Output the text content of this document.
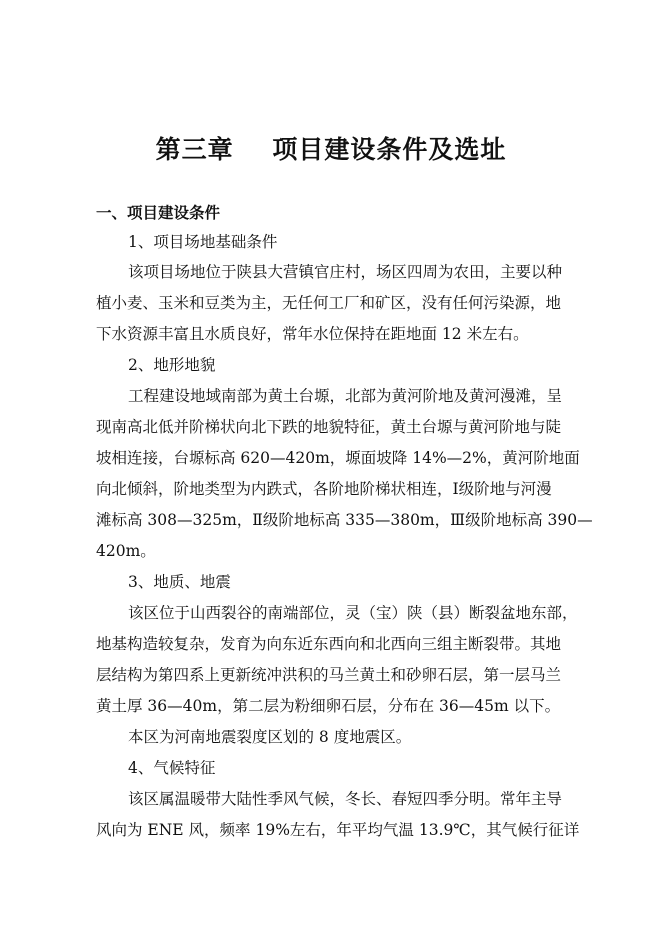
第三章    项目建设条件及选址
一、项目建设条件
1、项目场地基础条件
该项目场地位于陕县大营镇官庄村，场区四周为农田，主要以种
植小麦、玉米和豆类为主，无任何工厂和矿区，没有任何污染源，地
下水资源丰富且水质良好，常年水位保持在距地面 12 米左右。
2、地形地貌
工程建设地域南部为黄土台塬，北部为黄河阶地及黄河漫滩，呈
现南高北低并阶梯状向北下跌的地貌特征，黄土台塬与黄河阶地与陡
坡相连接，台塬标高 620—420m，塬面坡降 14%—2%，黄河阶地面
向北倾斜，阶地类型为内跌式，各阶地阶梯状相连，Ⅰ级阶地与河漫
滩标高 308—325m，Ⅱ级阶地标高 335—380m，Ⅲ级阶地标高 390—
420m。
3、地质、地震
该区位于山西裂谷的南端部位，灵（宝）陕（县）断裂盆地东部，
地基构造较复杂，发育为向东近东西向和北西向三组主断裂带。其地
层结构为第四系上更新统冲洪积的马兰黄土和砂卵石层，第一层马兰
黄土厚 36—40m，第二层为粉细卵石层，分布在 36—45m 以下。
本区为河南地震裂度区划的 8 度地震区。
4、气候特征
该区属温暖带大陆性季风气候，冬长、春短四季分明。常年主导
风向为 ENE 风，频率 19%左右，年平均气温 13.9℃，其气候行征详
